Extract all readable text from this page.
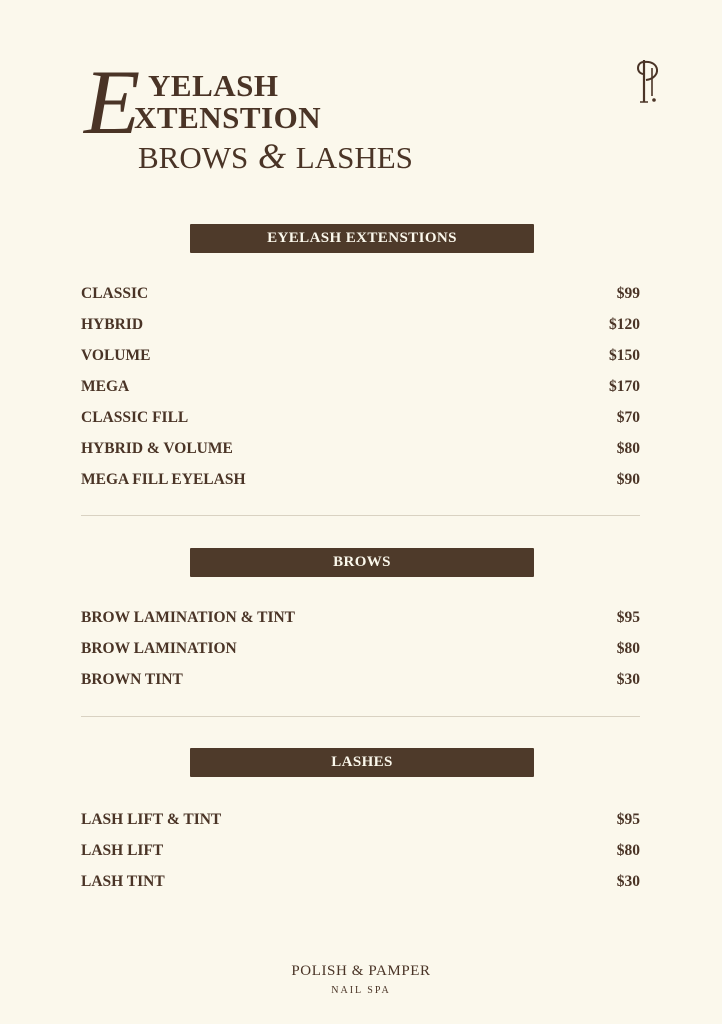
E YELASH
XTENSTION
BROWS & LASHES
EYELASH EXTENSTIONS
CLASSIC	$99
HYBRID	$120
VOLUME	$150
MEGA	$170
CLASSIC FILL	$70
HYBRID & VOLUME	$80
MEGA FILL EYELASH	$90
BROWS
BROW LAMINATION & TINT	$95
BROW LAMINATION	$80
BROWN TINT	$30
LASHES
LASH LIFT & TINT	$95
LASH LIFT	$80
LASH TINT	$30
POLISH & PAMPER
NAIL SPA
